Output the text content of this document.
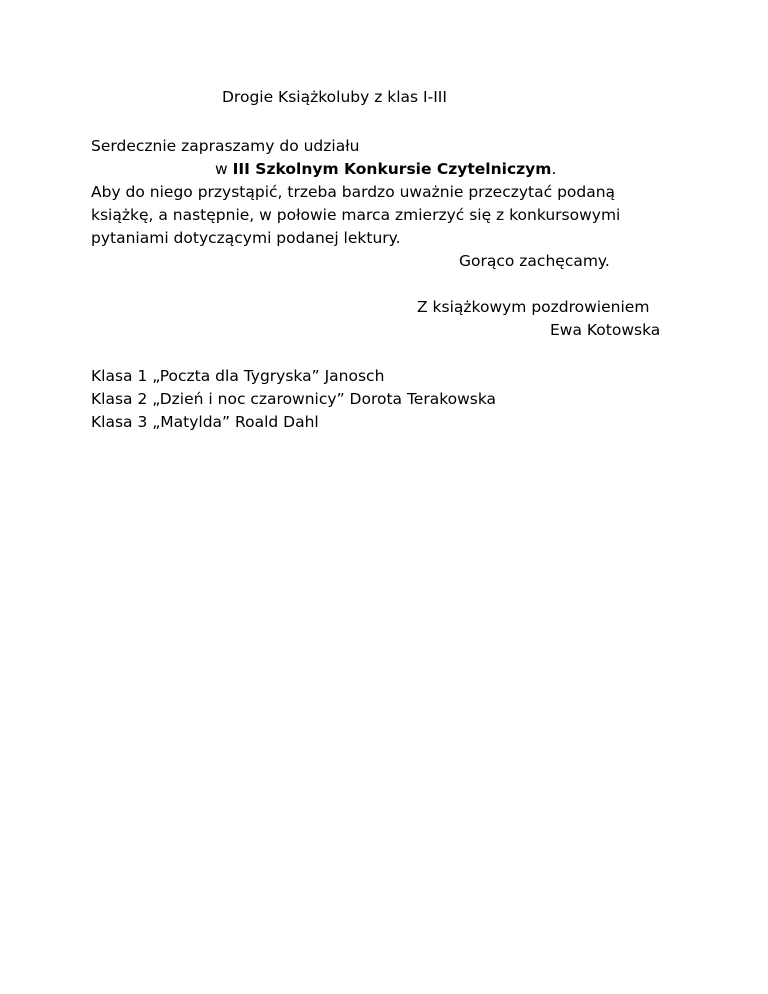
Drogie Książkoluby z klas I-III
Serdecznie zapraszamy do udziału
w III Szkolnym Konkursie Czytelniczym.
Aby do niego przystąpić, trzeba bardzo uważnie przeczytać podaną
książkę, a następnie, w połowie marca zmierzyć się z konkursowymi
pytaniami dotyczącymi podanej lektury.
Gorąco zachęcamy.
Z książkowym pozdrowieniem
Ewa Kotowska
Klasa 1 „Poczta dla Tygryska” Janosch
Klasa 2 „Dzień i noc czarownicy” Dorota Terakowska
Klasa 3 „Matylda” Roald Dahl
